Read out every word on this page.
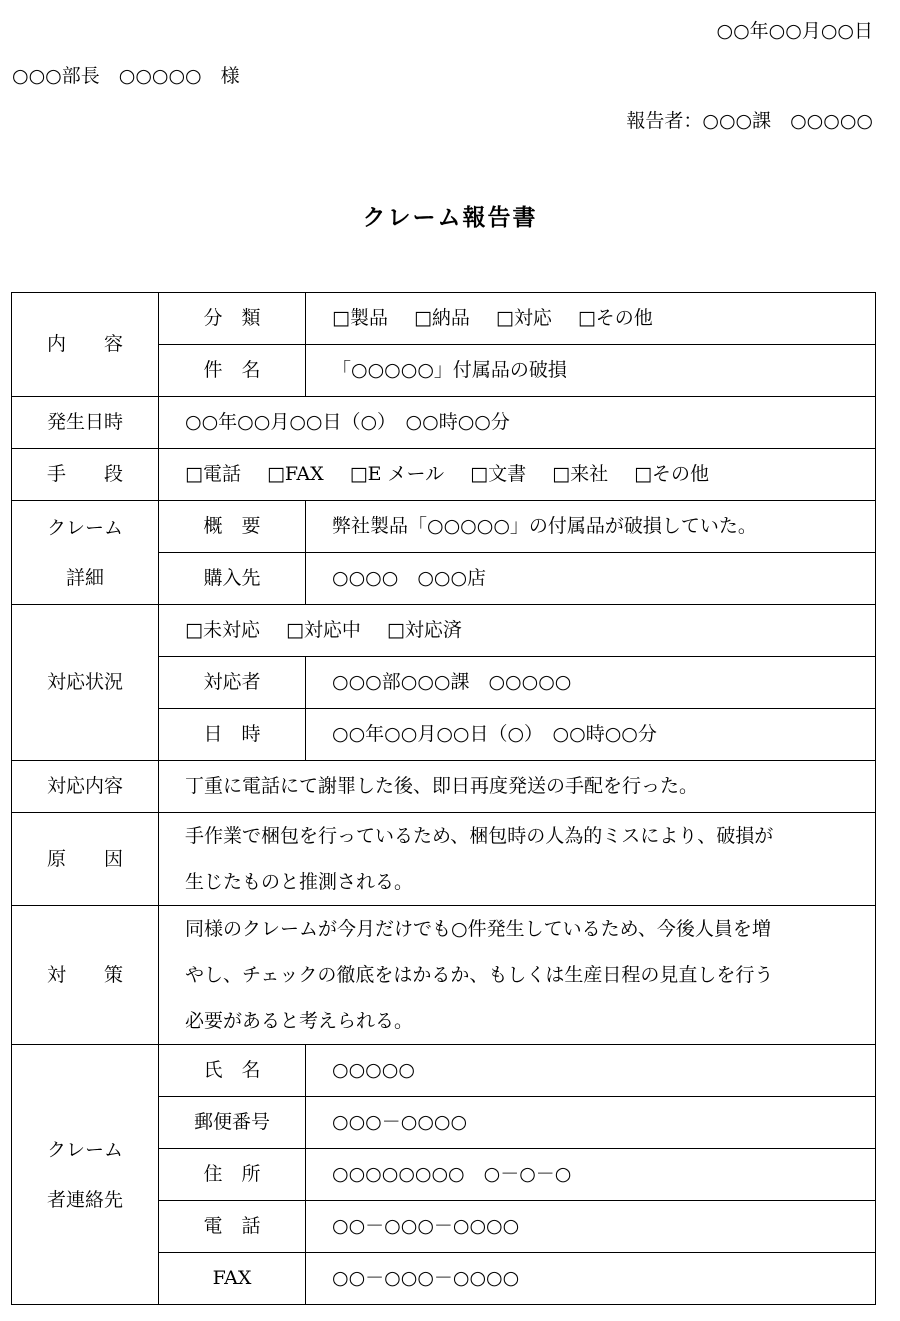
○○年○○月○○日
○○○部長　○○○○○　様
報告者：○○○課　○○○○○
クレーム報告書
内　　容	分　類	□製品 □納品 □対応 □その他
	件　名	「○○○○○」付属品の破損
発生日時	○○年○○月○○日（○）　○○時○○分	
手　　段	□電話 □FAX □E メール □文書 □来社 □その他	

クレーム
詳細	概　要	弊社製品「○○○○○」の付属品が破損していた。
	購入先	○○○○　○○○店
対応状況	□未対応 □対応中 □対応済	
	対応者	○○○部○○○課　○○○○○
	日　時	○○年○○月○○日（○）　○○時○○分
対応内容	丁重に電話にて謝罪した後、即日再度発送の手配を行った。	
原　　因	手作業で梱包を行っているため、梱包時の人為的ミスにより、破損が
生じたものと推測される。	

対　　策	同様のクレームが今月だけでも○件発生しているため、今後人員を増
やし、チェックの徹底をはかるか、もしくは生産日程の見直しを行う
必要があると考えられる。	

クレーム
者連絡先	氏　名	○○○○○
	郵便番号	○○○－○○○○
	住　所	○○○○○○○○　○－○－○
	電　話	○○－○○○－○○○○
	FAX	○○－○○○－○○○○
